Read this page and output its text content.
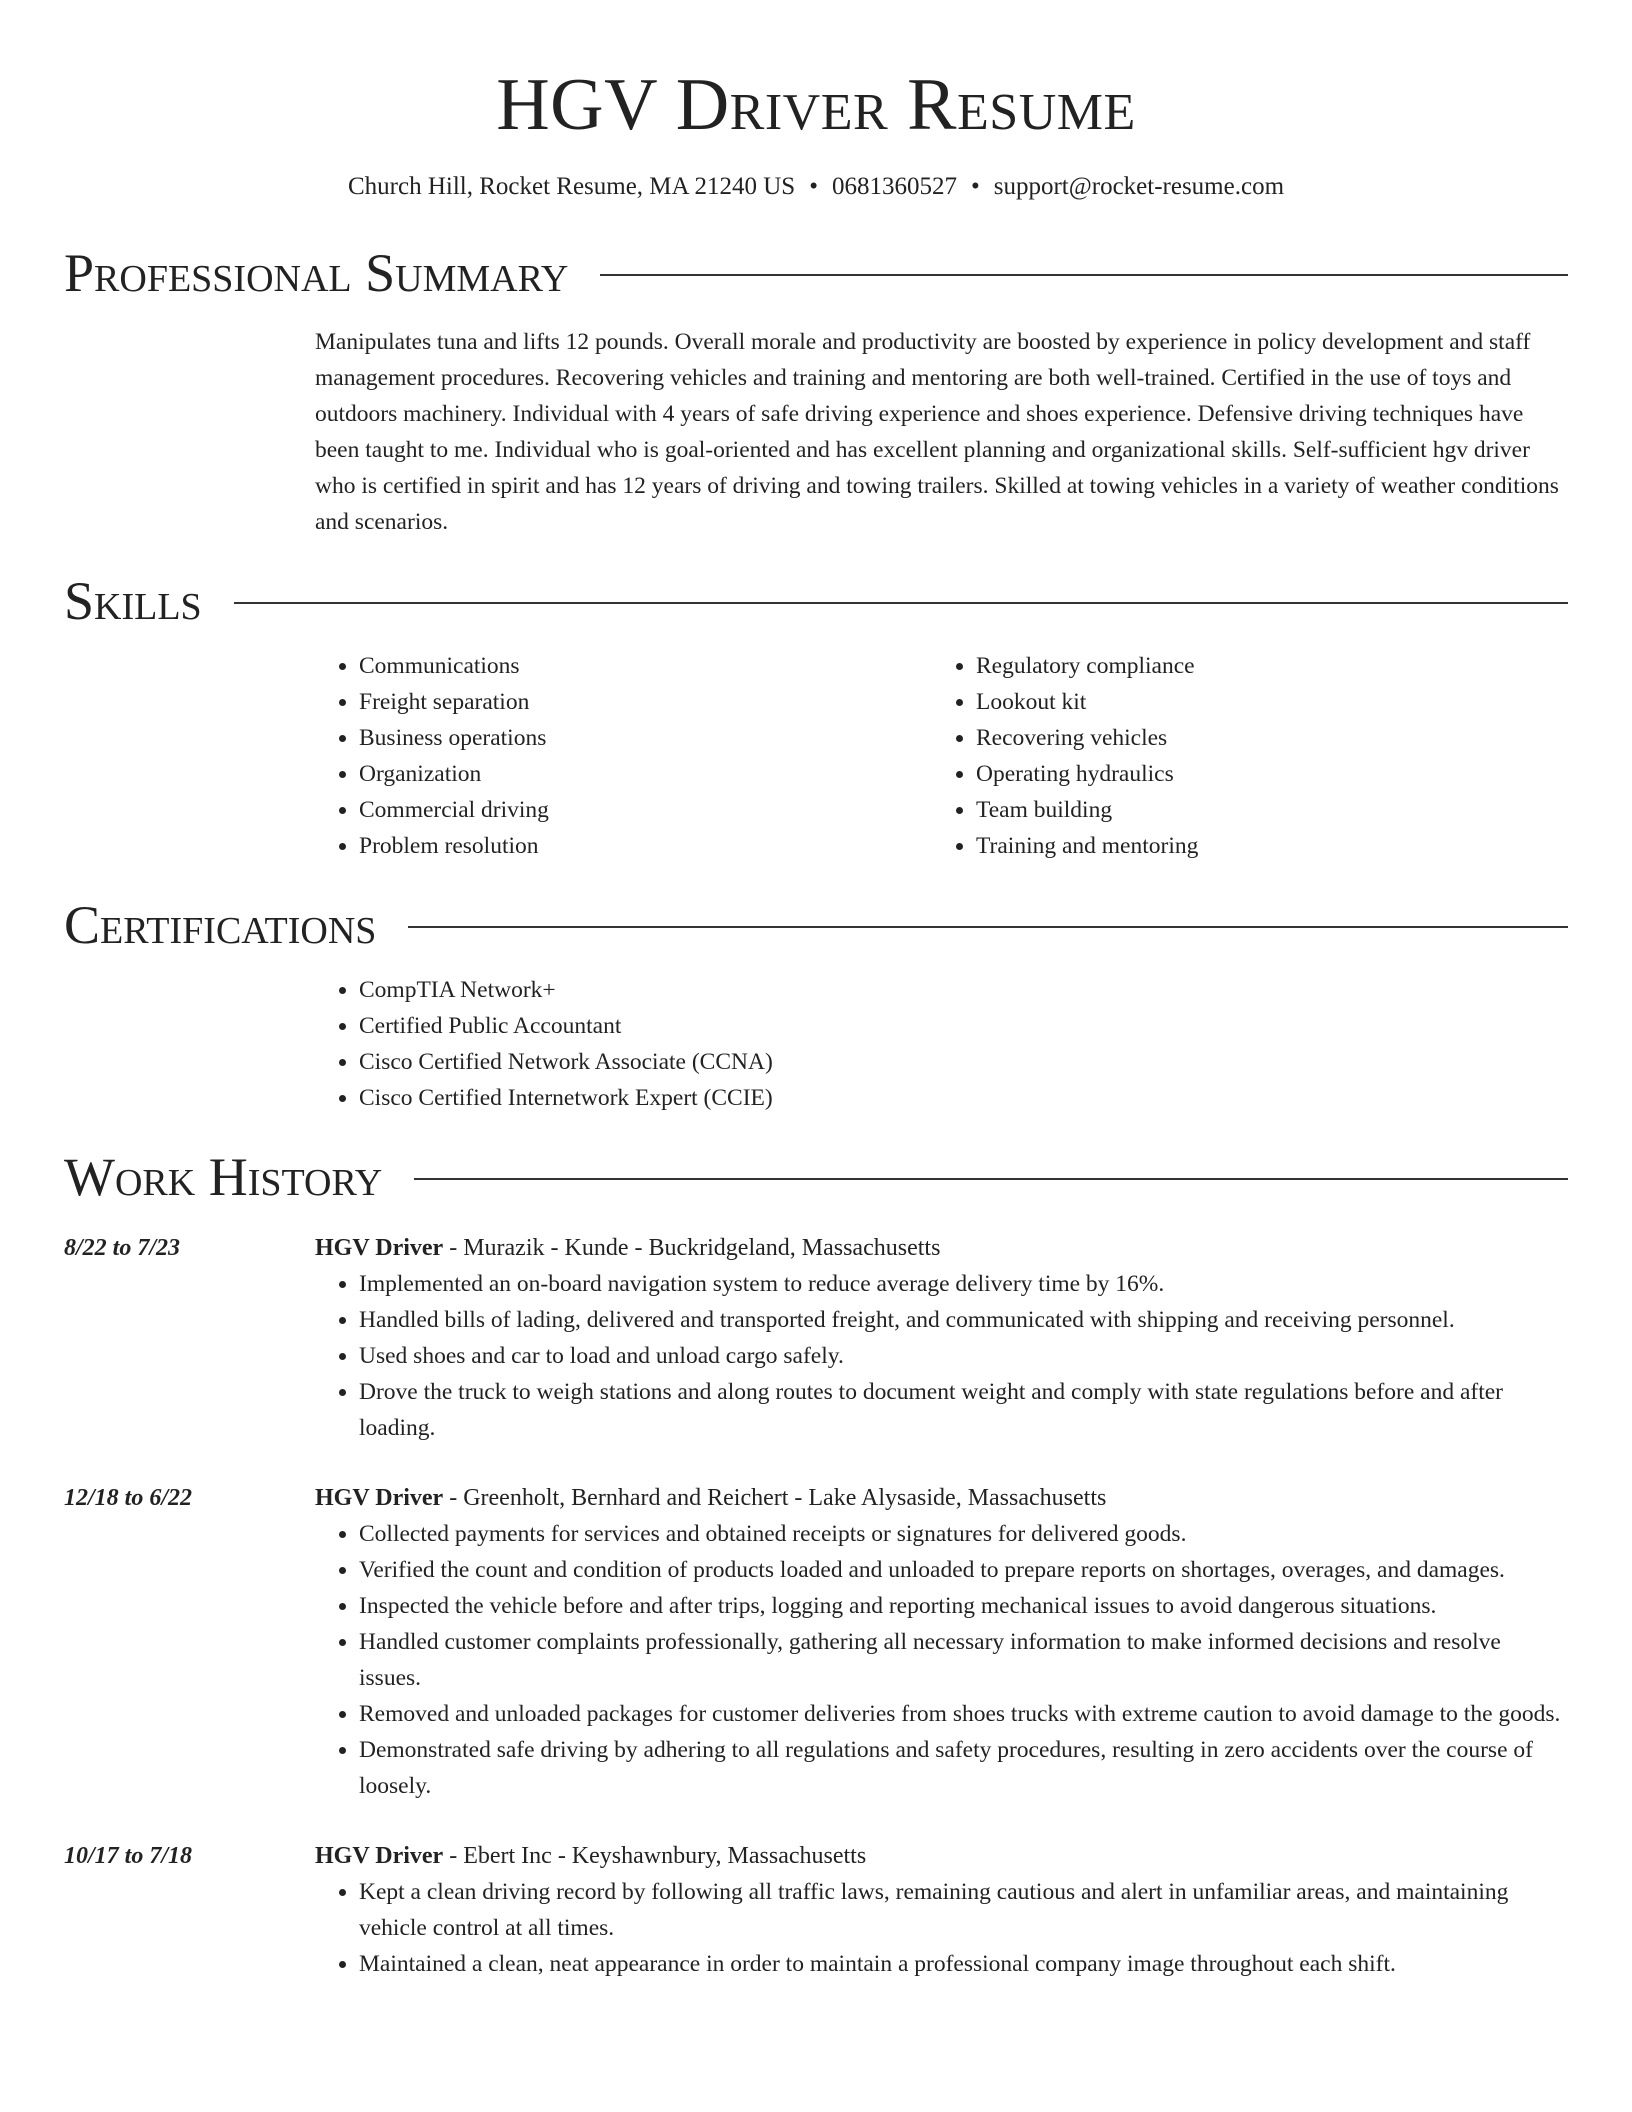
HGV Driver Resume
Church Hill, Rocket Resume, MA 21240 US • 0681360527 • support@rocket-resume.com
Professional Summary
Manipulates tuna and lifts 12 pounds. Overall morale and productivity are boosted by experience in policy development and staff management procedures. Recovering vehicles and training and mentoring are both well-trained. Certified in the use of toys and outdoors machinery. Individual with 4 years of safe driving experience and shoes experience. Defensive driving techniques have been taught to me. Individual who is goal-oriented and has excellent planning and organizational skills. Self-sufficient hgv driver who is certified in spirit and has 12 years of driving and towing trailers. Skilled at towing vehicles in a variety of weather conditions and scenarios.
Skills
• Communications
• Freight separation
• Business operations
• Organization
• Commercial driving
• Problem resolution
• Regulatory compliance
• Lookout kit
• Recovering vehicles
• Operating hydraulics
• Team building
• Training and mentoring
Certifications
• CompTIA Network+
• Certified Public Accountant
• Cisco Certified Network Associate (CCNA)
• Cisco Certified Internetwork Expert (CCIE)
Work History
8/22 to 7/23	HGV Driver - Murazik - Kunde - Buckridgeland, Massachusetts
• Implemented an on-board navigation system to reduce average delivery time by 16%.
• Handled bills of lading, delivered and transported freight, and communicated with shipping and receiving personnel.
• Used shoes and car to load and unload cargo safely.
• Drove the truck to weigh stations and along routes to document weight and comply with state regulations before and after loading.
12/18 to 6/22	HGV Driver - Greenholt, Bernhard and Reichert - Lake Alysaside, Massachusetts
• Collected payments for services and obtained receipts or signatures for delivered goods.
• Verified the count and condition of products loaded and unloaded to prepare reports on shortages, overages, and damages.
• Inspected the vehicle before and after trips, logging and reporting mechanical issues to avoid dangerous situations.
• Handled customer complaints professionally, gathering all necessary information to make informed decisions and resolve issues.
• Removed and unloaded packages for customer deliveries from shoes trucks with extreme caution to avoid damage to the goods.
• Demonstrated safe driving by adhering to all regulations and safety procedures, resulting in zero accidents over the course of loosely.
10/17 to 7/18	HGV Driver - Ebert Inc - Keyshawnbury, Massachusetts
• Kept a clean driving record by following all traffic laws, remaining cautious and alert in unfamiliar areas, and maintaining vehicle control at all times.
• Maintained a clean, neat appearance in order to maintain a professional company image throughout each shift.
